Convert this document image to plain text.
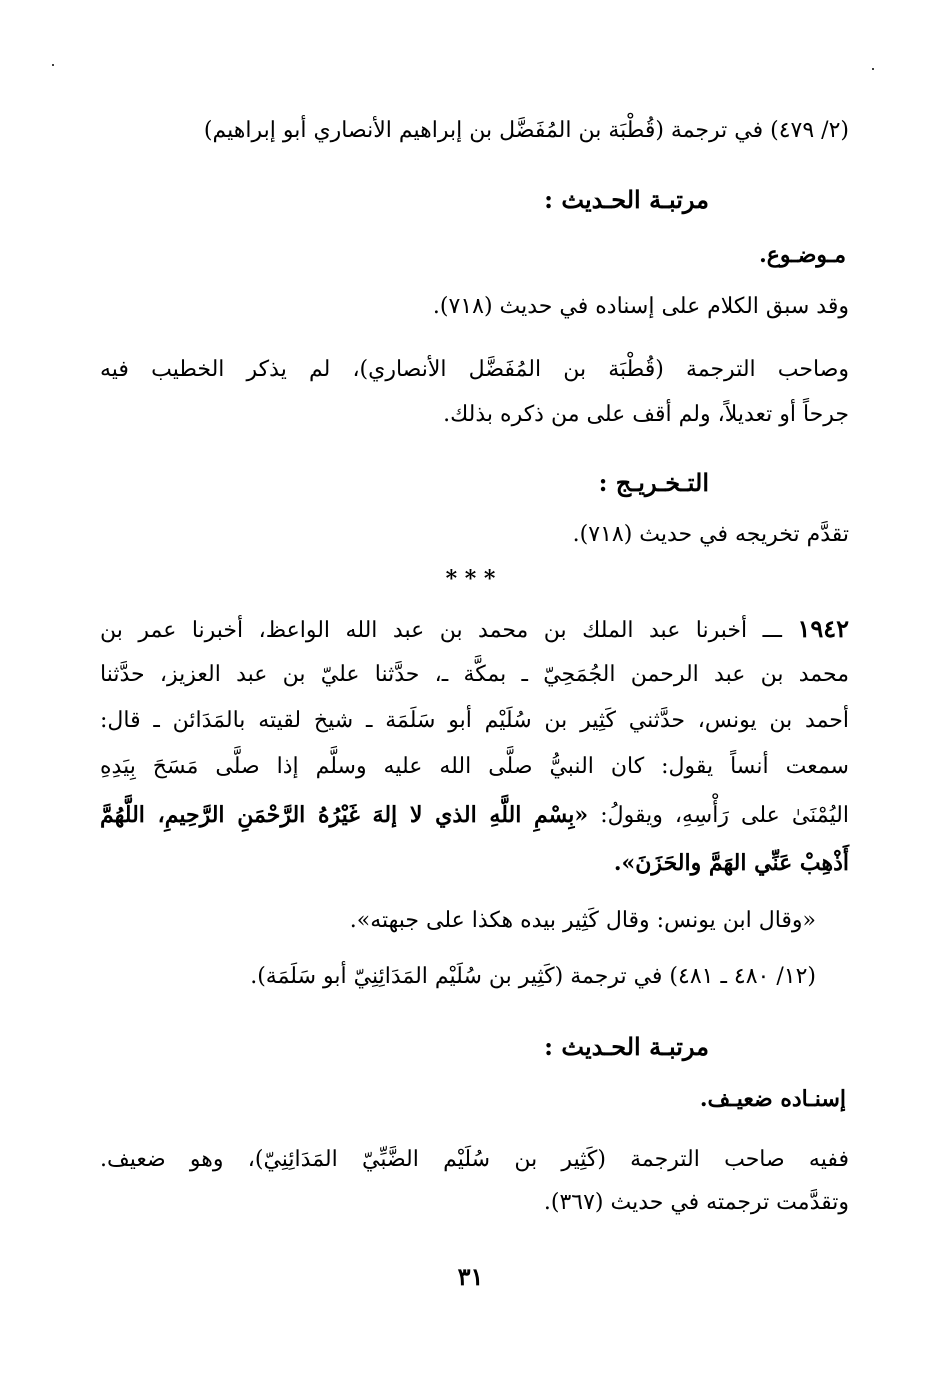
(٢/ ٤٧٩) في ترجمة (قُطْبَة بن المُفَضَّل بن إبراهيم الأنصاري أبو إبراهيم)
مرتبـة الحـديث :
مـوضـوع.
وقد سبق الكلام على إسناده في حديث (٧١٨).
وصاحب الترجمة (قُطْبَة بن المُفَضَّل الأنصاري)، لم يذكر الخطيب فيه
جرحاً أو تعديلاً، ولم أقف على من ذكره بذلك.
التـخـريـج :
تقدَّم تخريجه في حديث (٧١٨).
* * *
١٩٤٢ ـــ أخبرنا عبد الملك بن محمد بن عبد الله الواعظ، أخبرنا عمر بن
محمد بن عبد الرحمن الجُمَحِيّ ـ بمكَّة ـ، حدَّثنا عليّ بن عبد العزيز، حدَّثنا
أحمد بن يونس، حدَّثني كَثِير بن سُلَيْم أبو سَلَمَة ـ شيخ لقيته بالمَدَائن ـ قال:
سمعت أنساً يقول: كان النبيُّ صلَّى الله عليه وسلَّم إذا صلَّى مَسَحَ بِيَدِهِ
اليُمْنَىٰ على رَأْسِهِ، ويقولُ: «بِسْمِ اللَّهِ الذي لا إلهَ غَيْرُهُ الرَّحْمَنِ الرَّحِيمِ، اللَّهُمَّ
أَذْهِبْ عَنِّي الهَمَّ والحَزَنَ».
«وقال ابن يونس: وقال كَثِير بيده هكذا على جبهته».
(١٢/ ٤٨٠ ـ ٤٨١) في ترجمة (كَثِير بن سُلَيْم المَدَائِنِيّ أبو سَلَمَة).
مرتبـة الحـديث :
إسنـاده ضعيـف.
ففيه صاحب الترجمة (كَثِير بن سُلَيْم الضَّبِّيّ المَدَائِنِيّ)، وهو ضعيف.
وتقدَّمت ترجمته في حديث (٣٦٧).
٣١
